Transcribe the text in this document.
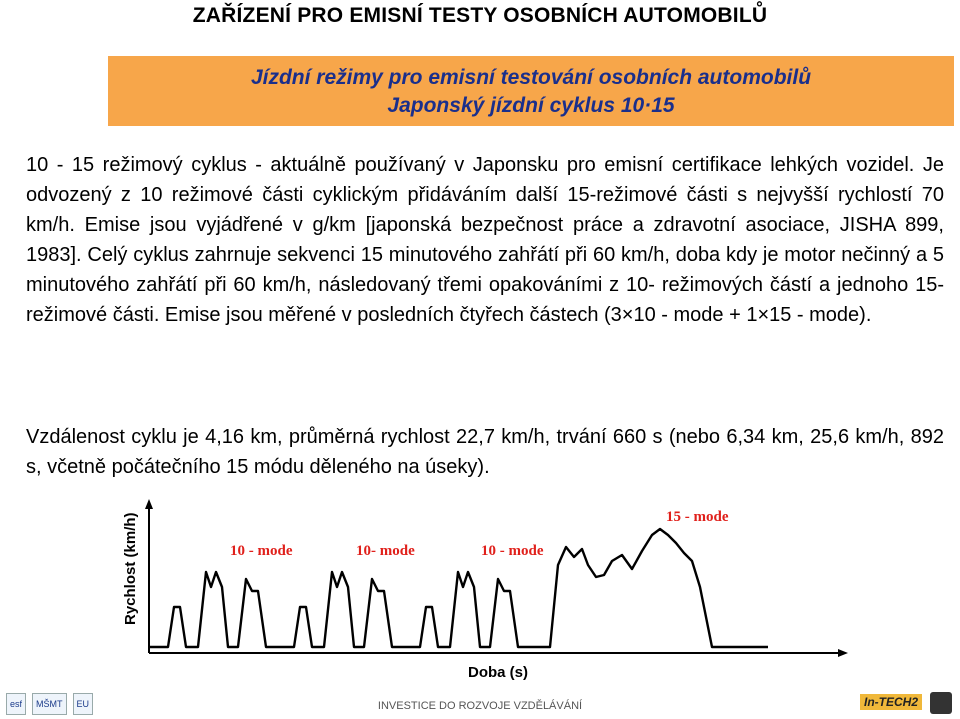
ZAŘÍZENÍ PRO EMISNÍ TESTY OSOBNÍCH AUTOMOBILŮ
Jízdní režimy pro emisní testování osobních automobilů
Japonský jízdní cyklus 10·15
10 - 15 režimový cyklus - aktuálně používaný v Japonsku pro emisní certifikace lehkých vozidel. Je odvozený z 10 režimové části cyklickým přidáváním další 15-režimové části s nejvyšší rychlostí 70 km/h. Emise jsou vyjádřené v g/km [japonská bezpečnost práce a zdravotní asociace, JISHA 899, 1983]. Celý cyklus zahrnuje sekvenci 15 minutového zahřátí při 60 km/h, doba kdy je motor nečinný a 5 minutového zahřátí při 60 km/h, následovaný třemi opakováními z 10- režimových částí a jednoho 15- režimové části. Emise jsou měřené v posledních čtyřech částech (3×10 - mode + 1×15 - mode).
Vzdálenost cyklu je 4,16 km, průměrná rychlost 22,7 km/h, trvání 660 s (nebo 6,34 km, 25,6 km/h, 892 s, včetně počátečního 15 módu děleného na úseky).
Rychlost (km/h)	10 - mode	10- mode	10 - mode
15 - mode
Doba (s)
esf	MŠMT	EU	INVESTICE DO ROZVOJE VZDĚLÁVÁNÍ	In-TECH2
